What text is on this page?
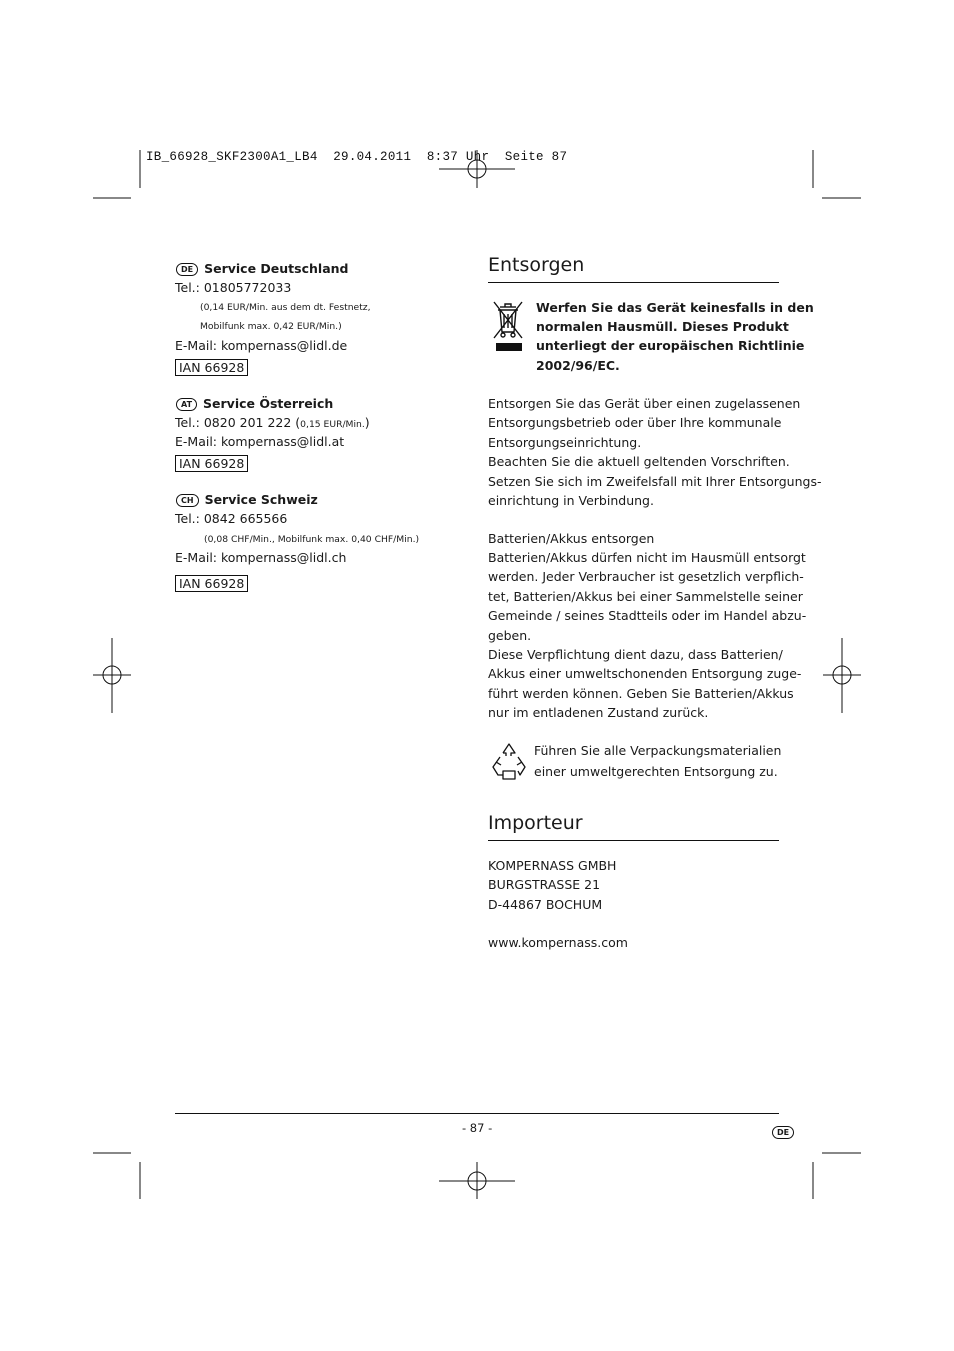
IB_66928_SKF2300A1_LB4  29.04.2011  8:37 Uhr  Seite 87
DE Service Deutschland
Tel.: 01805772033
(0,14 EUR/Min. aus dem dt. Festnetz,
Mobilfunk max. 0,42 EUR/Min.)
E-Mail: kompernass@lidl.de
IAN 66928
AT Service Österreich
Tel.: 0820 201 222 (0,15 EUR/Min.)
E-Mail: kompernass@lidl.at
IAN 66928
CH Service Schweiz
Tel.: 0842 665566
(0,08 CHF/Min., Mobilfunk max. 0,40 CHF/Min.)
E-Mail: kompernass@lidl.ch
IAN 66928
Entsorgen
Werfen Sie das Gerät keinesfalls in den
normalen Hausmüll. Dieses Produkt
unterliegt der europäischen Richtlinie
2002/96/EC.
Entsorgen Sie das Gerät über einen zugelassenen
Entsorgungsbetrieb oder über Ihre kommunale
Entsorgungseinrichtung.
Beachten Sie die aktuell geltenden Vorschriften.
Setzen Sie sich im Zweifelsfall mit Ihrer Entsorgungs-
einrichtung in Verbindung.
Batterien/Akkus entsorgen
Batterien/Akkus dürfen nicht im Hausmüll entsorgt
werden. Jeder Verbraucher ist gesetzlich verpflich-
tet, Batterien/Akkus bei einer Sammelstelle seiner
Gemeinde / seines Stadtteils oder im Handel abzu-
geben.
Diese Verpflichtung dient dazu, dass Batterien/
Akkus einer umweltschonenden Entsorgung zuge-
führt werden können. Geben Sie Batterien/Akkus
nur im entladenen Zustand zurück.
Führen Sie alle Verpackungsmaterialien
einer umweltgerechten Entsorgung zu.
Importeur
KOMPERNASS GMBH
BURGSTRASSE 21
D-44867 BOCHUM
www.kompernass.com
- 87 -	DE
